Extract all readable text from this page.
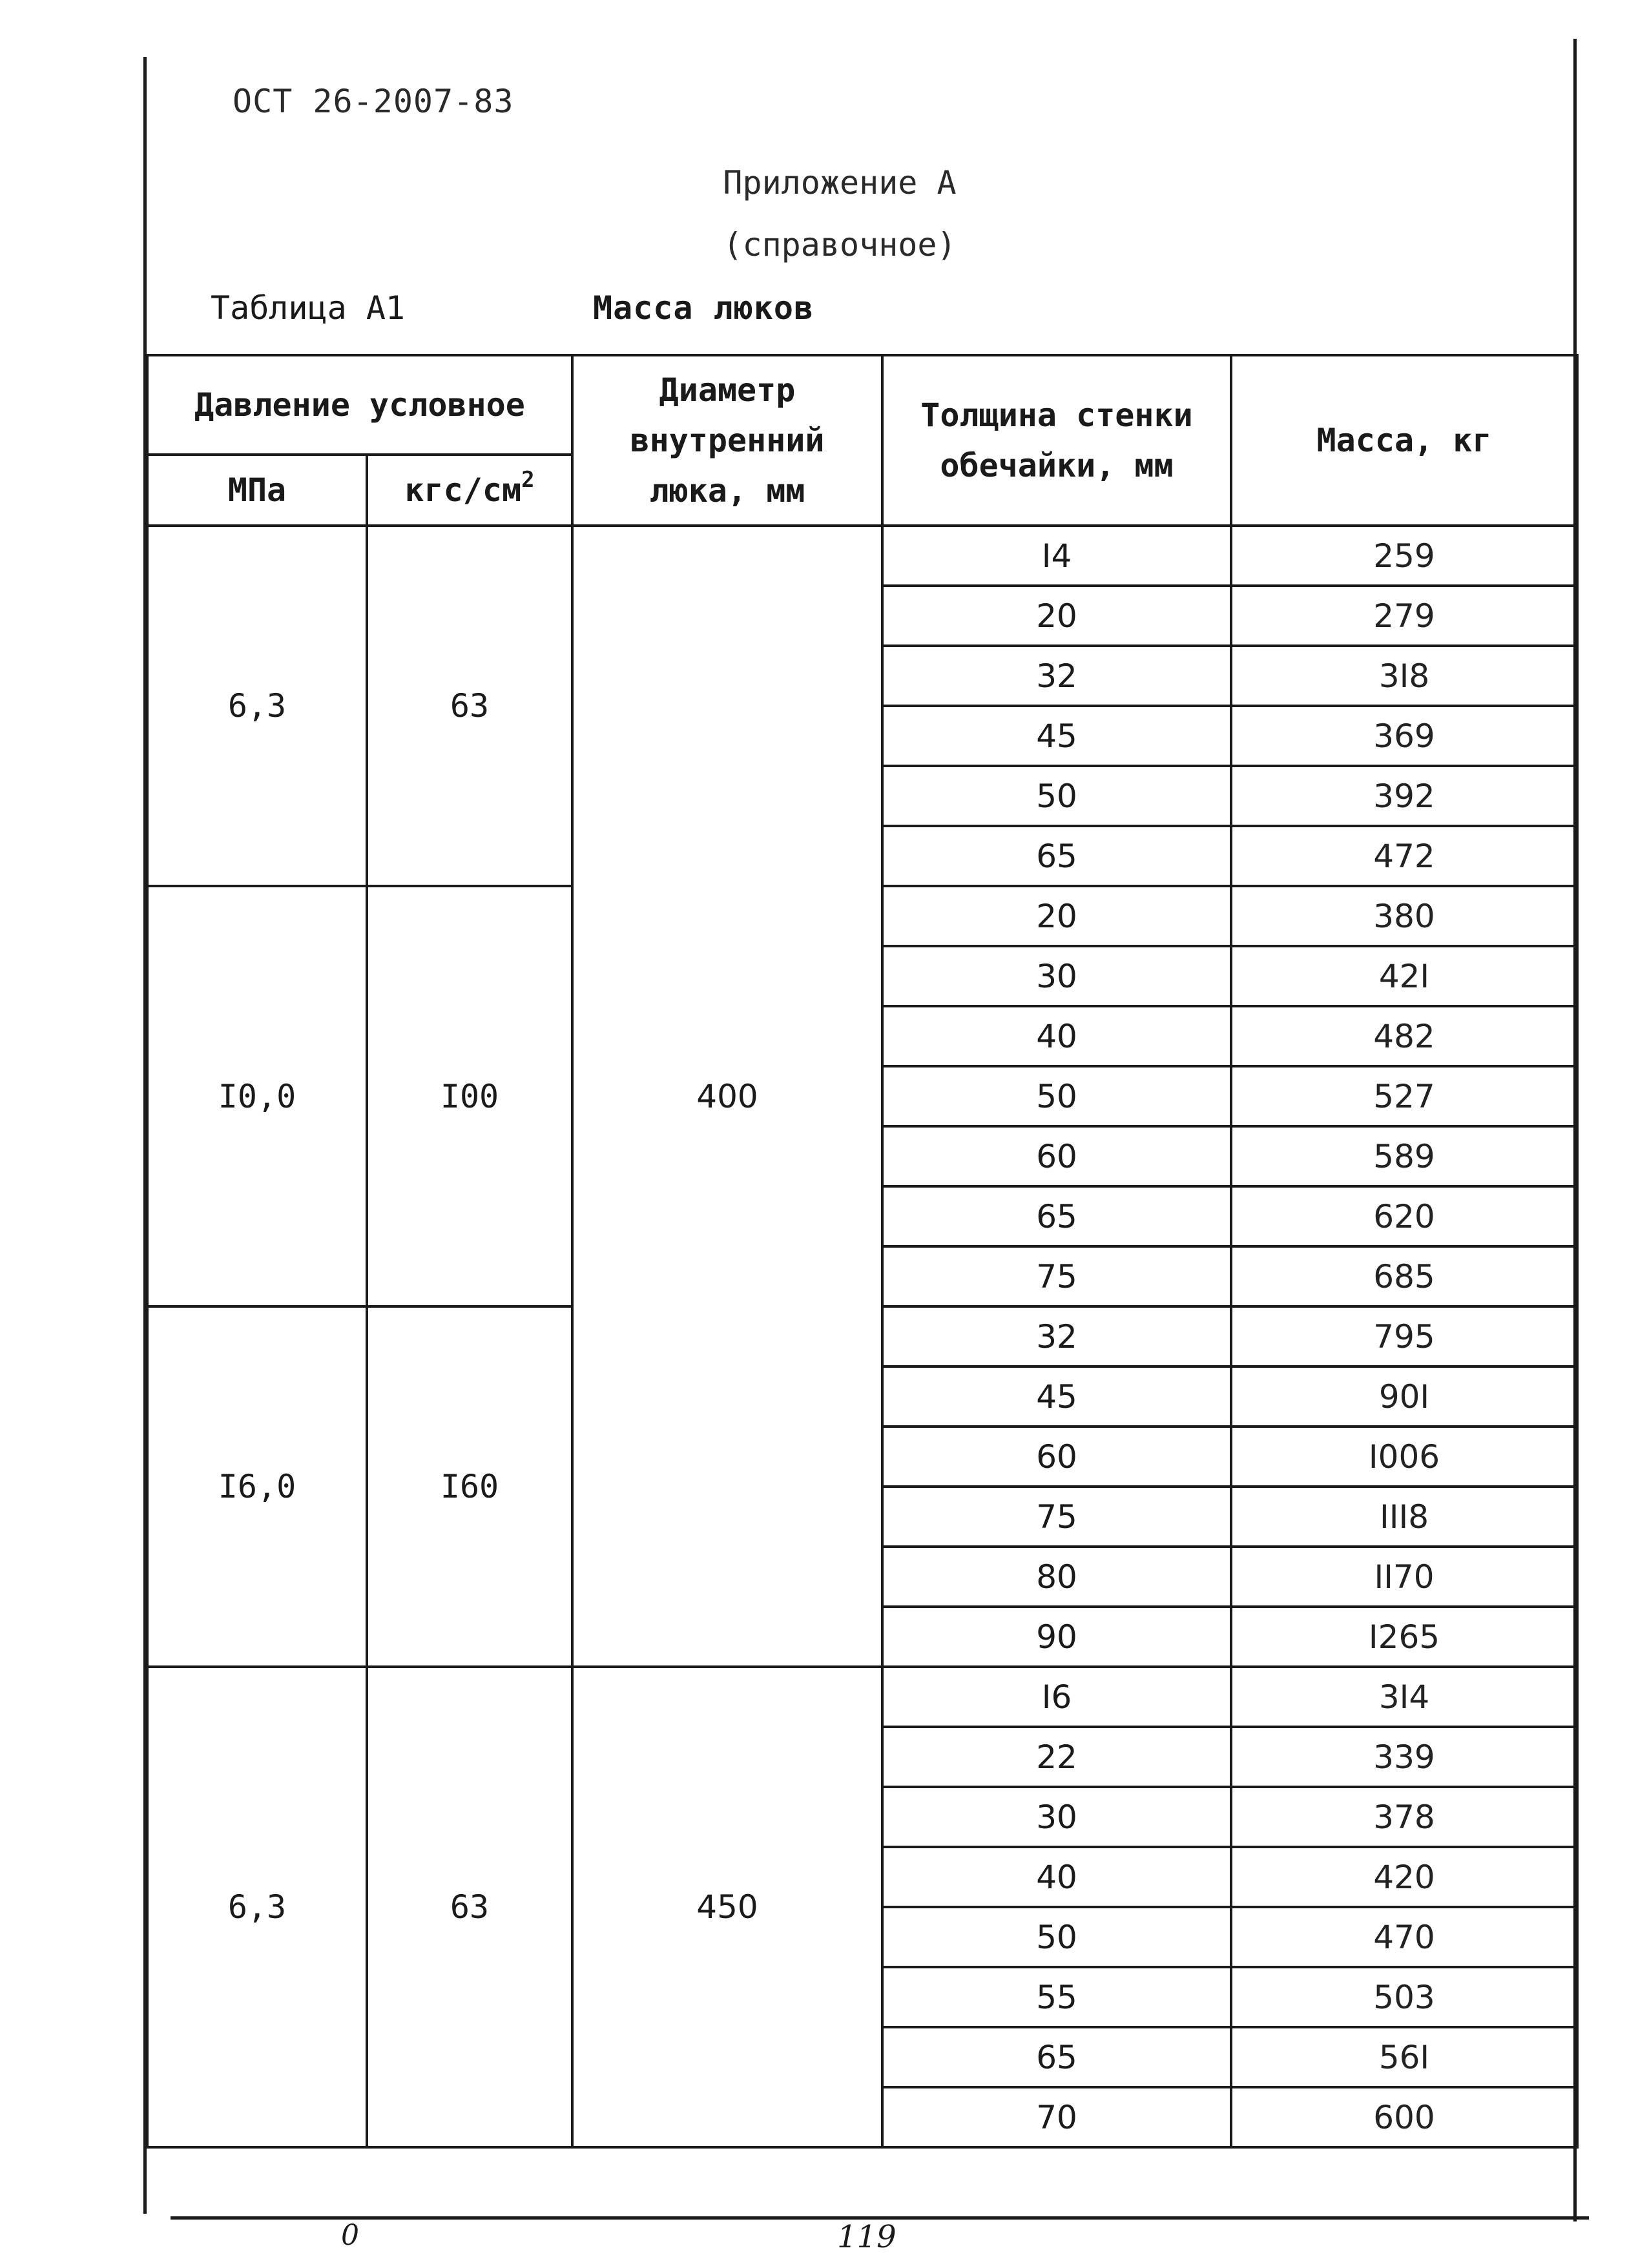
ОСТ 26-2007-83
Приложение А
(справочное)
Таблица А1	Масса люков
Давление условное		Диаметр внутренний люка, мм	Толщина стенки обечайки, мм	Масса, кг
МПа	кгс/$см^2$
6,3	63	400	I4	259
			20	279
			32	3I8
			45	369
			50	392
			65	472
I0,0	I00		20	380
			30	42I
			40	482
			50	527
			60	589
			65	620
			75	685
I6,0	I60		32	795
			45	90I
			60	I006
			75	III8
			80	II70
			90	I265
6,3	63	450	I6	3I4
			22	339
			30	378
			40	420
			50	470
			55	503
			65	56I
			70	600
0	119
